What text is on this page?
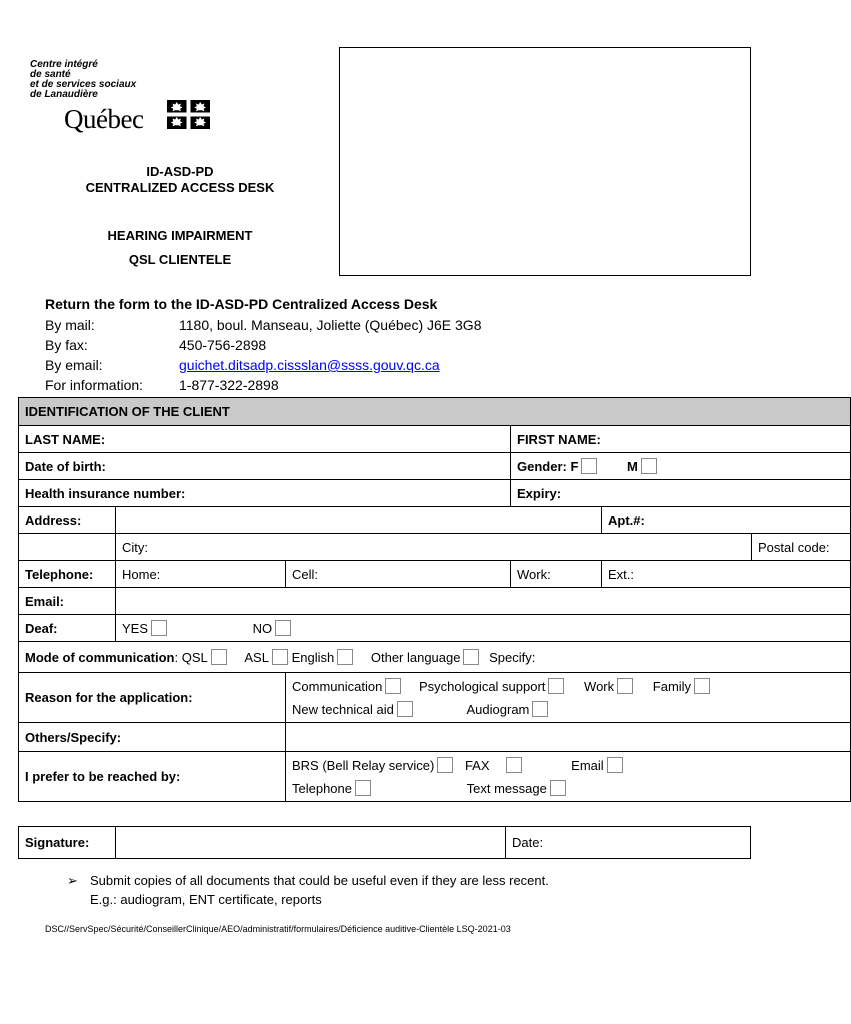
Centre intégré
de santé
et de services sociaux
de Lanaudière
Québec
ID-ASD-PD
CENTRALIZED ACCESS DESK
HEARING IMPAIRMENT
QSL CLIENTELE
Return the form to the ID-ASD-PD Centralized Access Desk
By mail:	1180, boul. Manseau, Joliette (Québec) J6E 3G8
By fax:	450-756-2898
By email:	guichet.ditsadp.cissslan@ssss.gouv.qc.ca
For information:	1-877-322-2898
IDENTIFICATION OF THE CLIENT					
LAST NAME:			FIRST NAME:		
Date of birth:			Gender: F M		
Health insurance number:			Expiry:		
Address:				Apt.#:	
	City:				Postal code:
Telephone:	Home:	Cell:	Work:	Ext.:	
Email:					
Deaf:	YES NO				
Mode of communication: QSL ASL English Other language Specify:					
Reason for the application:		Communication Psychological support Work Family
New technical aid Audiogram			

Others/Specify:					
I prefer to be reached by:		BRS (Bell Relay service) FAX Email
Telephone Text message			
Signature:		Date:
➢ Submit copies of all documents that could be useful even if they are less recent.
E.g.: audiogram, ENT certificate, reports
DSC//ServSpec/Sécurité/ConseillerClinique/AEO/administratif/formulaires/Déficience auditive-Clientèle LSQ-2021-03
